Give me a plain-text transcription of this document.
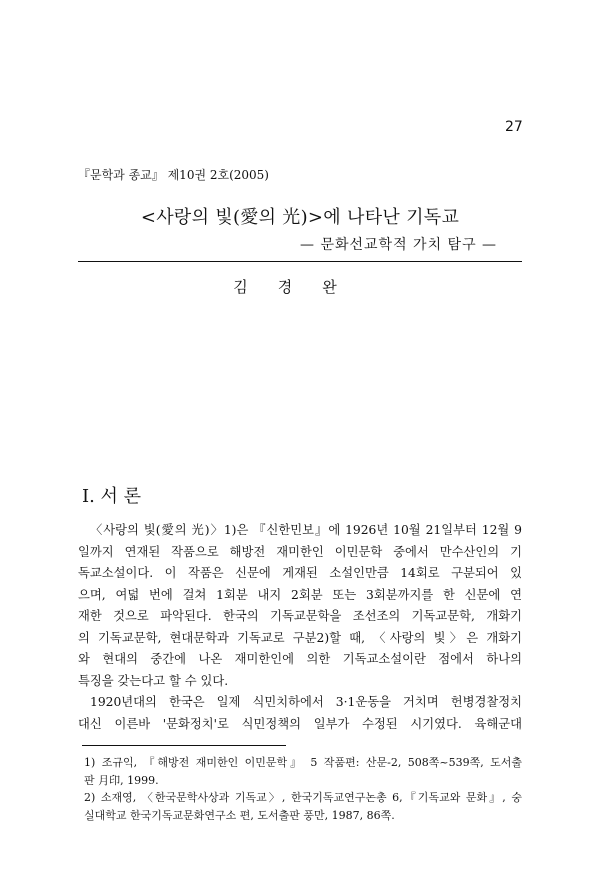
27
『문학과 종교』 제10권 2호(2005)
<사랑의 빛(愛의 光)>에 나타난 기독교
— 문화선교학적 가치 탐구 —
김경완
Ⅰ. 서 론
〈사랑의 빛(愛의 光)〉1)은 『신한민보』에 1926년 10월 21일부터 12월 9
일까지 연재된 작품으로 해방전 재미한인 이민문학 중에서 만수산인의 기
독교소설이다. 이 작품은 신문에 게재된 소설인만큼 14회로 구분되어 있
으며, 여덟 번에 걸쳐 1회분 내지 2회분 또는 3회분까지를 한 신문에 연
재한 것으로 파악된다. 한국의 기독교문학을 조선조의 기독교문학, 개화기
의 기독교문학, 현대문학과 기독교로 구분2)할 때, 〈사랑의 빛〉은 개화기
와 현대의 중간에 나온 재미한인에 의한 기독교소설이란 점에서 하나의
특징을 갖는다고 할 수 있다.
1920년대의 한국은 일제 식민치하에서 3·1운동을 거치며 헌병경찰정치
대신 이른바 '문화정치'로 식민정책의 일부가 수정된 시기였다. 육해군대
1) 조규익, 『해방전 재미한인 이민문학』 5 작품편: 산문-2, 508쪽~539쪽, 도서출
판 月印, 1999.
2) 소재영, 〈한국문학사상과 기독교〉, 한국기독교연구논총 6,『기독교와 문화』, 숭
실대학교 한국기독교문화연구소 편, 도서출판 풍만, 1987, 86쪽.
